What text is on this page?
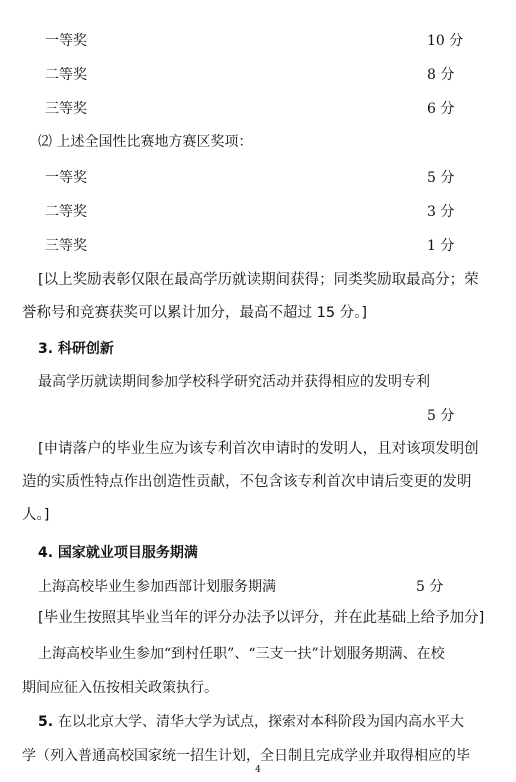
一等奖	10 分
二等奖	8 分
三等奖	6 分
⑵ 上述全国性比赛地方赛区奖项：
一等奖	5 分
二等奖	3 分
三等奖	1 分
[以上奖励表彰仅限在最高学历就读期间获得；同类奖励取最高分；荣
誉称号和竞赛获奖可以累计加分，最高不超过 15 分。]
3. 科研创新
最高学历就读期间参加学校科学研究活动并获得相应的发明专利
5 分
[申请落户的毕业生应为该专利首次申请时的发明人，且对该项发明创
造的实质性特点作出创造性贡献，不包含该专利首次申请后变更的发明
人。]
4. 国家就业项目服务期满
上海高校毕业生参加西部计划服务期满	5 分
[毕业生按照其毕业当年的评分办法予以评分，并在此基础上给予加分]
上海高校毕业生参加“到村任职”、“三支一扶”计划服务期满、在校
期间应征入伍按相关政策执行。
5. 在以北京大学、清华大学为试点，探索对本科阶段为国内高水平大
学（列入普通高校国家统一招生计划，全日制且完成学业并取得相应的毕
4
